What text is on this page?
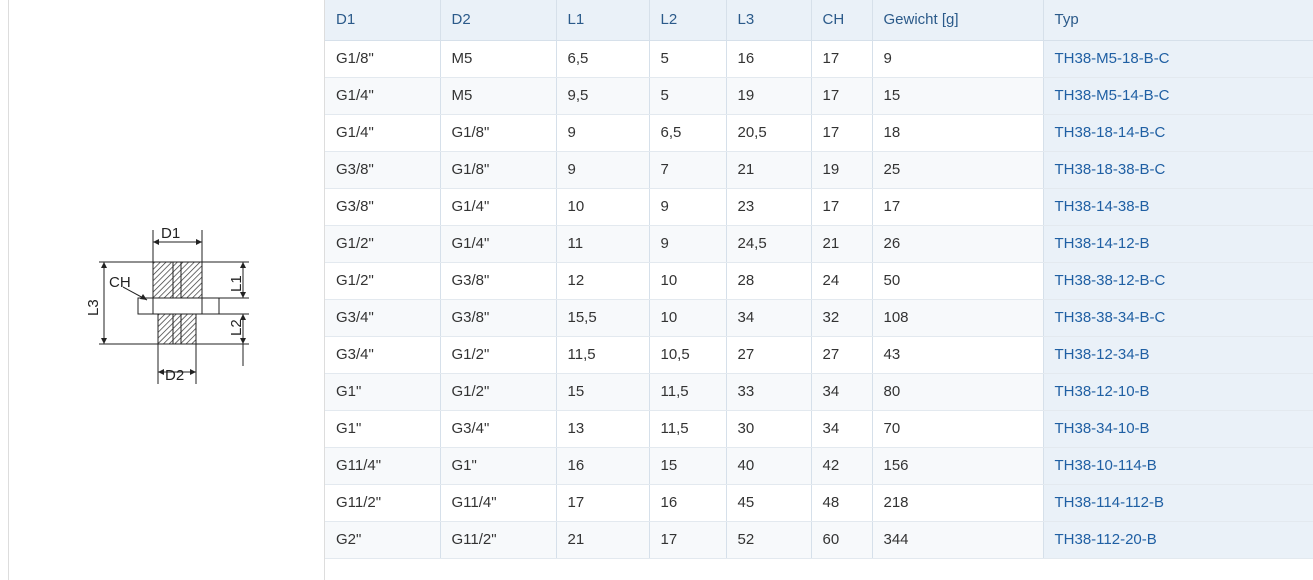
D1
D2
CH
L3
L1
L2
D1	D2	L1	L2	L3	CH	Gewicht [g]	Typ
G1/8"	M5	6,5	5	16	17	9	TH38-M5-18-B-C
G1/4"	M5	9,5	5	19	17	15	TH38-M5-14-B-C
G1/4"	G1/8"	9	6,5	20,5	17	18	TH38-18-14-B-C
G3/8"	G1/8"	9	7	21	19	25	TH38-18-38-B-C
G3/8"	G1/4"	10	9	23	17	17	TH38-14-38-B
G1/2"	G1/4"	11	9	24,5	21	26	TH38-14-12-B
G1/2"	G3/8"	12	10	28	24	50	TH38-38-12-B-C
G3/4"	G3/8"	15,5	10	34	32	108	TH38-38-34-B-C
G3/4"	G1/2"	11,5	10,5	27	27	43	TH38-12-34-B
G1"	G1/2"	15	11,5	33	34	80	TH38-12-10-B
G1"	G3/4"	13	11,5	30	34	70	TH38-34-10-B
G11/4"	G1"	16	15	40	42	156	TH38-10-114-B
G11/2"	G11/4"	17	16	45	48	218	TH38-114-112-B
G2"	G11/2"	21	17	52	60	344	TH38-112-20-B
